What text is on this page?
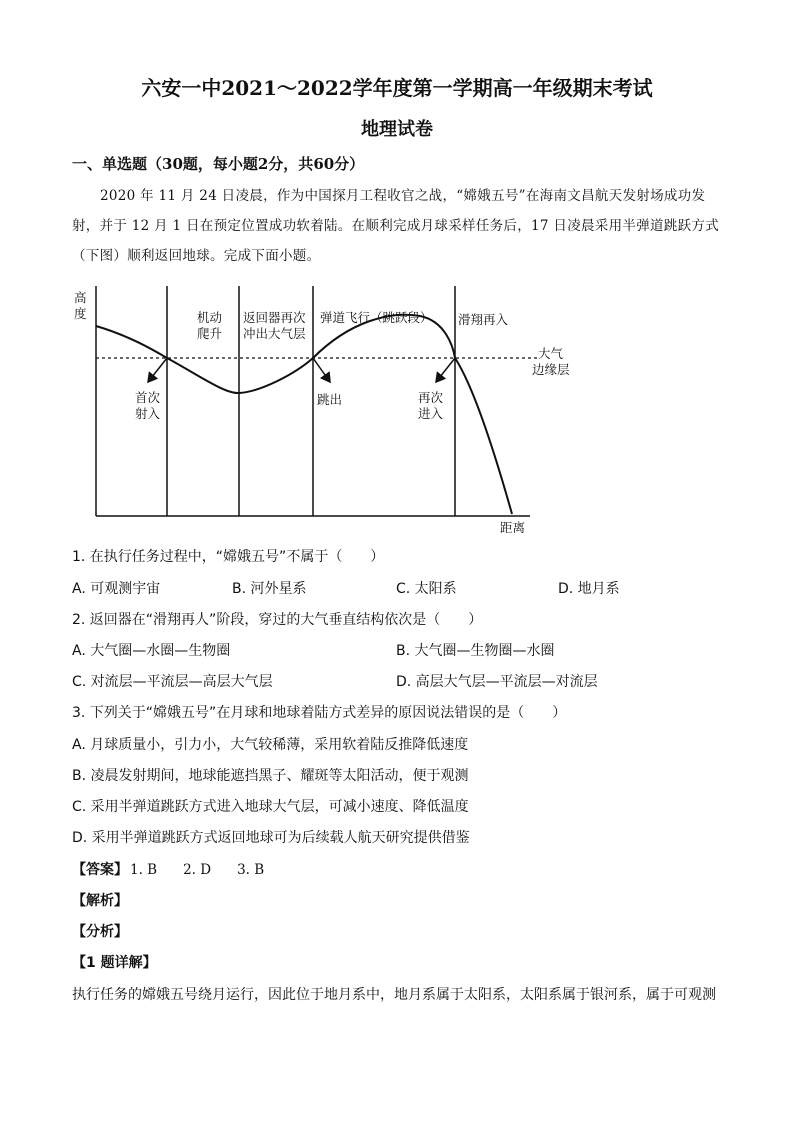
六安一中2021～2022学年度第一学期高一年级期末考试
地理试卷
一、单选题（30题，每小题2分，共60分）
2020 年 11 月 24 日凌晨，作为中国探月工程收官之战，“嫦娥五号”在海南文昌航天发射场成功发
射，并于 12 月 1 日在预定位置成功软着陆。在顺利完成月球采样任务后，17 日凌晨采用半弹道跳跃方式
（下图）顺利返回地球。完成下面小题。
高
度
距离
机动
爬升
返回器再次
冲出大气层
弹道飞行（跳跃段） 滑翔再入
大气
边缘层
首次
射入
跳出	再次
进入
1. 在执行任务过程中，“嫦娥五号”不属于（　　）
A. 可观测宇宙	B. 河外星系	C. 太阳系	D. 地月系
2. 返回器在“滑翔再人”阶段，穿过的大气垂直结构依次是（　　）
A. 大气圈—水圈—生物圈	B. 大气圈—生物圈—水圈
C. 对流层—平流层—高层大气层	D. 高层大气层—平流层—对流层
3. 下列关于“嫦娥五号”在月球和地球着陆方式差异的原因说法错误的是（　　）
A. 月球质量小，引力小，大气较稀薄，采用软着陆反推降低速度
B. 凌晨发射期间，地球能遮挡黑子、耀斑等太阳活动，便于观测
C. 采用半弹道跳跃方式进入地球大气层，可减小速度、降低温度
D. 采用半弹道跳跃方式返回地球可为后续载人航天研究提供借鉴
【答案】 1. B 2. D 3. B
【解析】
【分析】
【1 题详解】
执行任务的嫦娥五号绕月运行，因此位于地月系中，地月系属于太阳系，太阳系属于银河系，属于可观测
